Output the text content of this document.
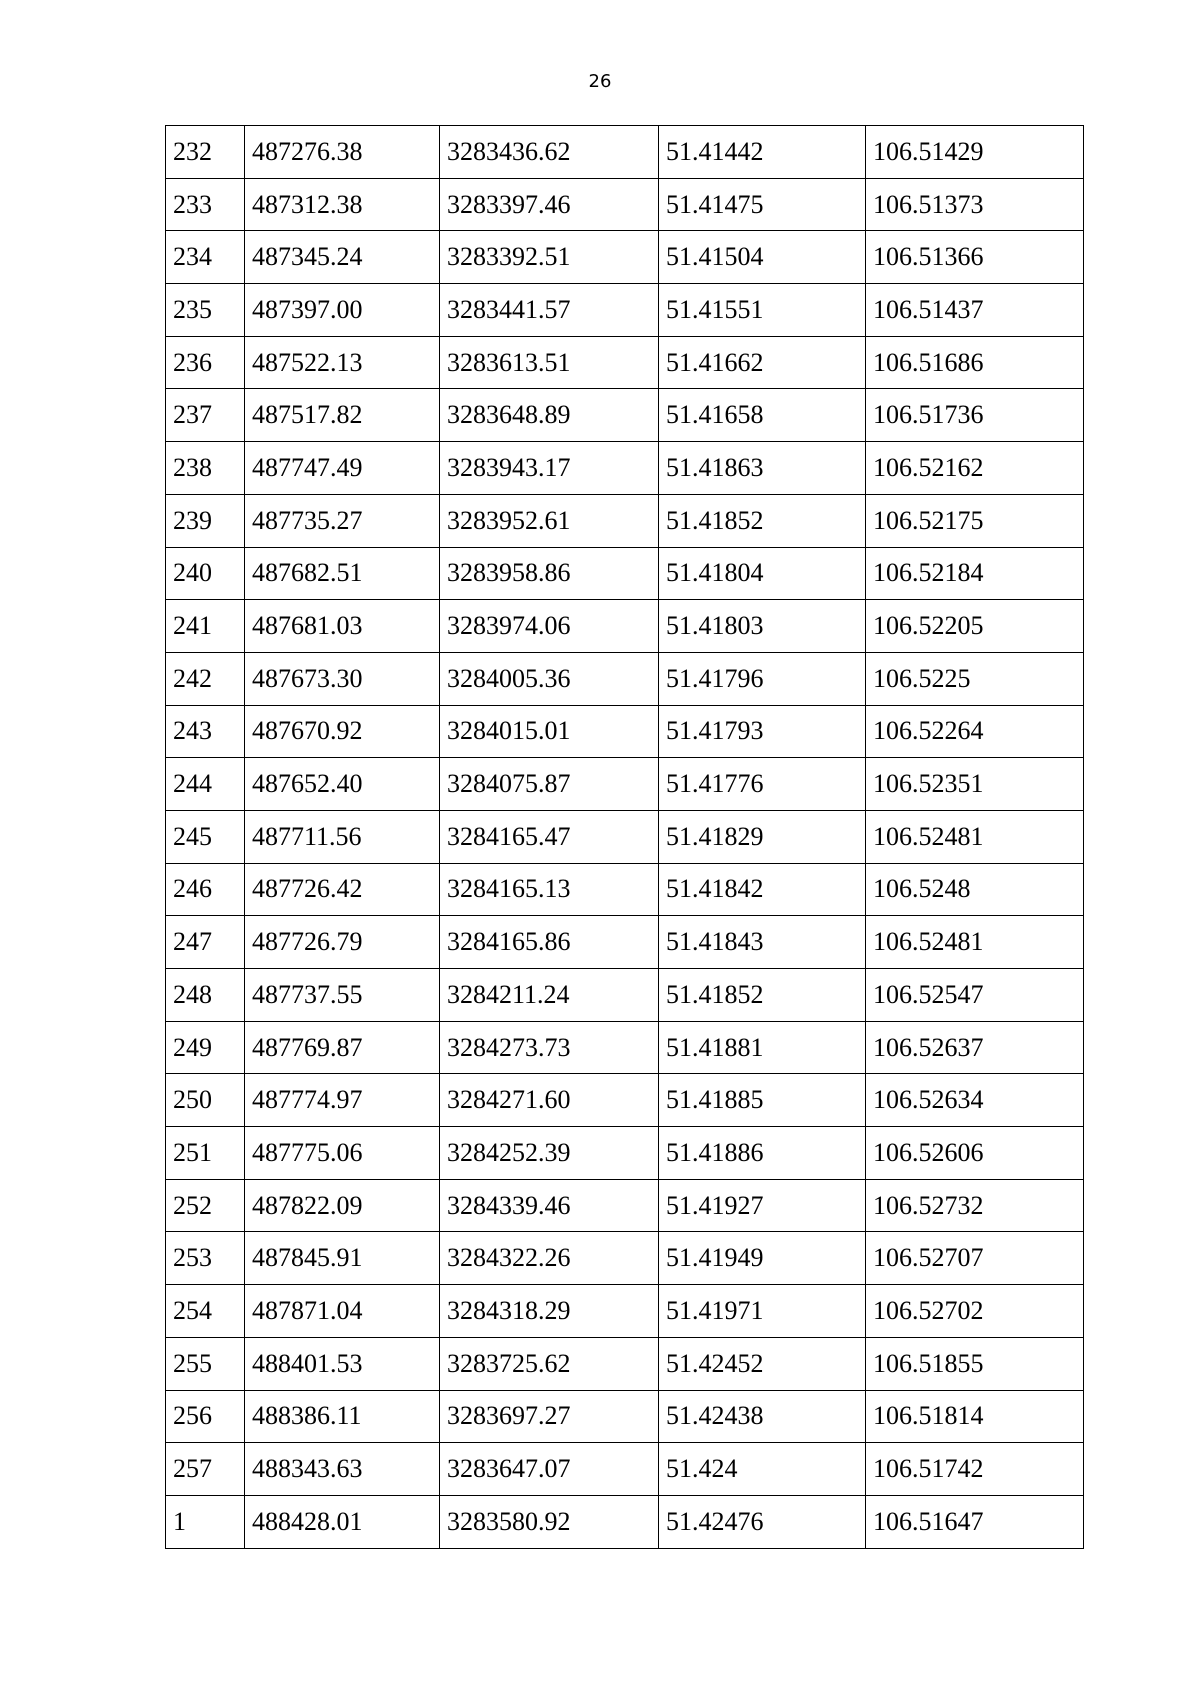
26
232	487276.38	3283436.62	51.41442	106.51429
233	487312.38	3283397.46	51.41475	106.51373
234	487345.24	3283392.51	51.41504	106.51366
235	487397.00	3283441.57	51.41551	106.51437
236	487522.13	3283613.51	51.41662	106.51686
237	487517.82	3283648.89	51.41658	106.51736
238	487747.49	3283943.17	51.41863	106.52162
239	487735.27	3283952.61	51.41852	106.52175
240	487682.51	3283958.86	51.41804	106.52184
241	487681.03	3283974.06	51.41803	106.52205
242	487673.30	3284005.36	51.41796	106.5225
243	487670.92	3284015.01	51.41793	106.52264
244	487652.40	3284075.87	51.41776	106.52351
245	487711.56	3284165.47	51.41829	106.52481
246	487726.42	3284165.13	51.41842	106.5248
247	487726.79	3284165.86	51.41843	106.52481
248	487737.55	3284211.24	51.41852	106.52547
249	487769.87	3284273.73	51.41881	106.52637
250	487774.97	3284271.60	51.41885	106.52634
251	487775.06	3284252.39	51.41886	106.52606
252	487822.09	3284339.46	51.41927	106.52732
253	487845.91	3284322.26	51.41949	106.52707
254	487871.04	3284318.29	51.41971	106.52702
255	488401.53	3283725.62	51.42452	106.51855
256	488386.11	3283697.27	51.42438	106.51814
257	488343.63	3283647.07	51.424	106.51742
1	488428.01	3283580.92	51.42476	106.51647
